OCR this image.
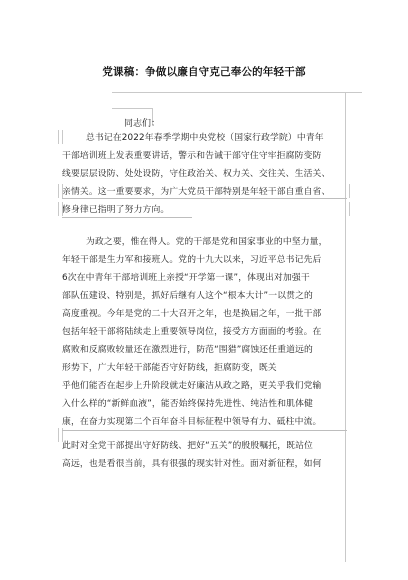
党课稿：争做以廉自守克己奉公的年轻干部
同志们：
总书记在2022年春季学期中央党校（国家行政学院）中青年
干部培训班上发表重要讲话，警示和告诫干部守住守牢拒腐防变防
线要层层设防、处处设防，守住政治关、权力关、交往关、生活关、
亲情关。这一重要要求，为广大党员干部特别是年轻干部自重自省、
修身律已指明了努力方向。
为政之要，惟在得人。党的干部是党和国家事业的中坚力量，
年轻干部是生力军和接班人。党的十九大以来，习近平总书记先后
6次在中青年干部培训班上亲授“开学第一课”，体现出对加强干
部队伍建设、特别是，抓好后继有人这个“根本大计”一以贯之的
高度重视。今年是党的二十大召开之年，也是换届之年，一批干部
包括年轻干部将陆续走上重要领导岗位，接受方方面面的考验。在
腐败和反腐败较量还在激烈进行，防范“围猎”腐蚀还任重道远的
形势下，广大年轻干部能否守好防线，拒腐防变，既关
乎他们能否在起步上升阶段就走好廉洁从政之路，更关乎我们党输
入什么样的“新鲜血液”，能否始终保持先进性、纯洁性和肌体健
康，在奋力实现第二个百年奋斗目标征程中领导有力、砥柱中流。
此时对全党干部提出守好防线、把好“五关”的殷殷嘱托，既站位
高远，也是看很当前，具有很强的现实针对性。面对新征程，如何
